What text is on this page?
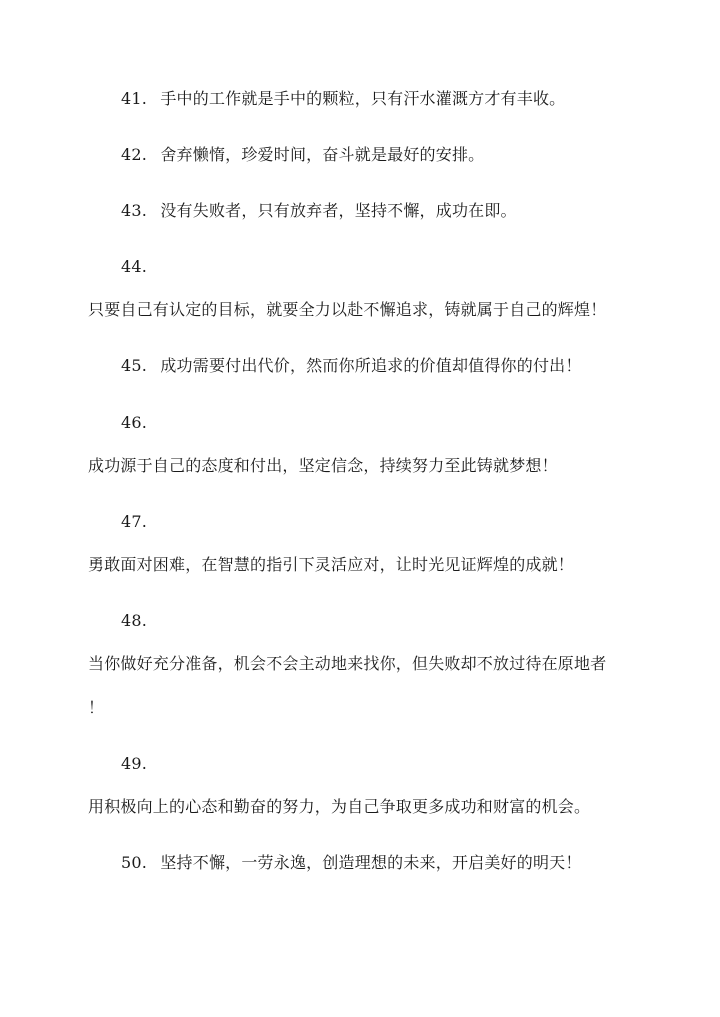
41. 手中的工作就是手中的颗粒，只有汗水灌溉方才有丰收。
42. 舍弃懒惰，珍爱时间，奋斗就是最好的安排。
43. 没有失败者，只有放弃者，坚持不懈，成功在即。
44.
只要自己有认定的目标，就要全力以赴不懈追求，铸就属于自己的辉煌！
45. 成功需要付出代价，然而你所追求的价值却值得你的付出！
46.
成功源于自己的态度和付出，坚定信念，持续努力至此铸就梦想！
47.
勇敢面对困难，在智慧的指引下灵活应对，让时光见证辉煌的成就！
48.
当你做好充分准备，机会不会主动地来找你，但失败却不放过待在原地者
！
49.
用积极向上的心态和勤奋的努力，为自己争取更多成功和财富的机会。
50. 坚持不懈，一劳永逸，创造理想的未来，开启美好的明天！
